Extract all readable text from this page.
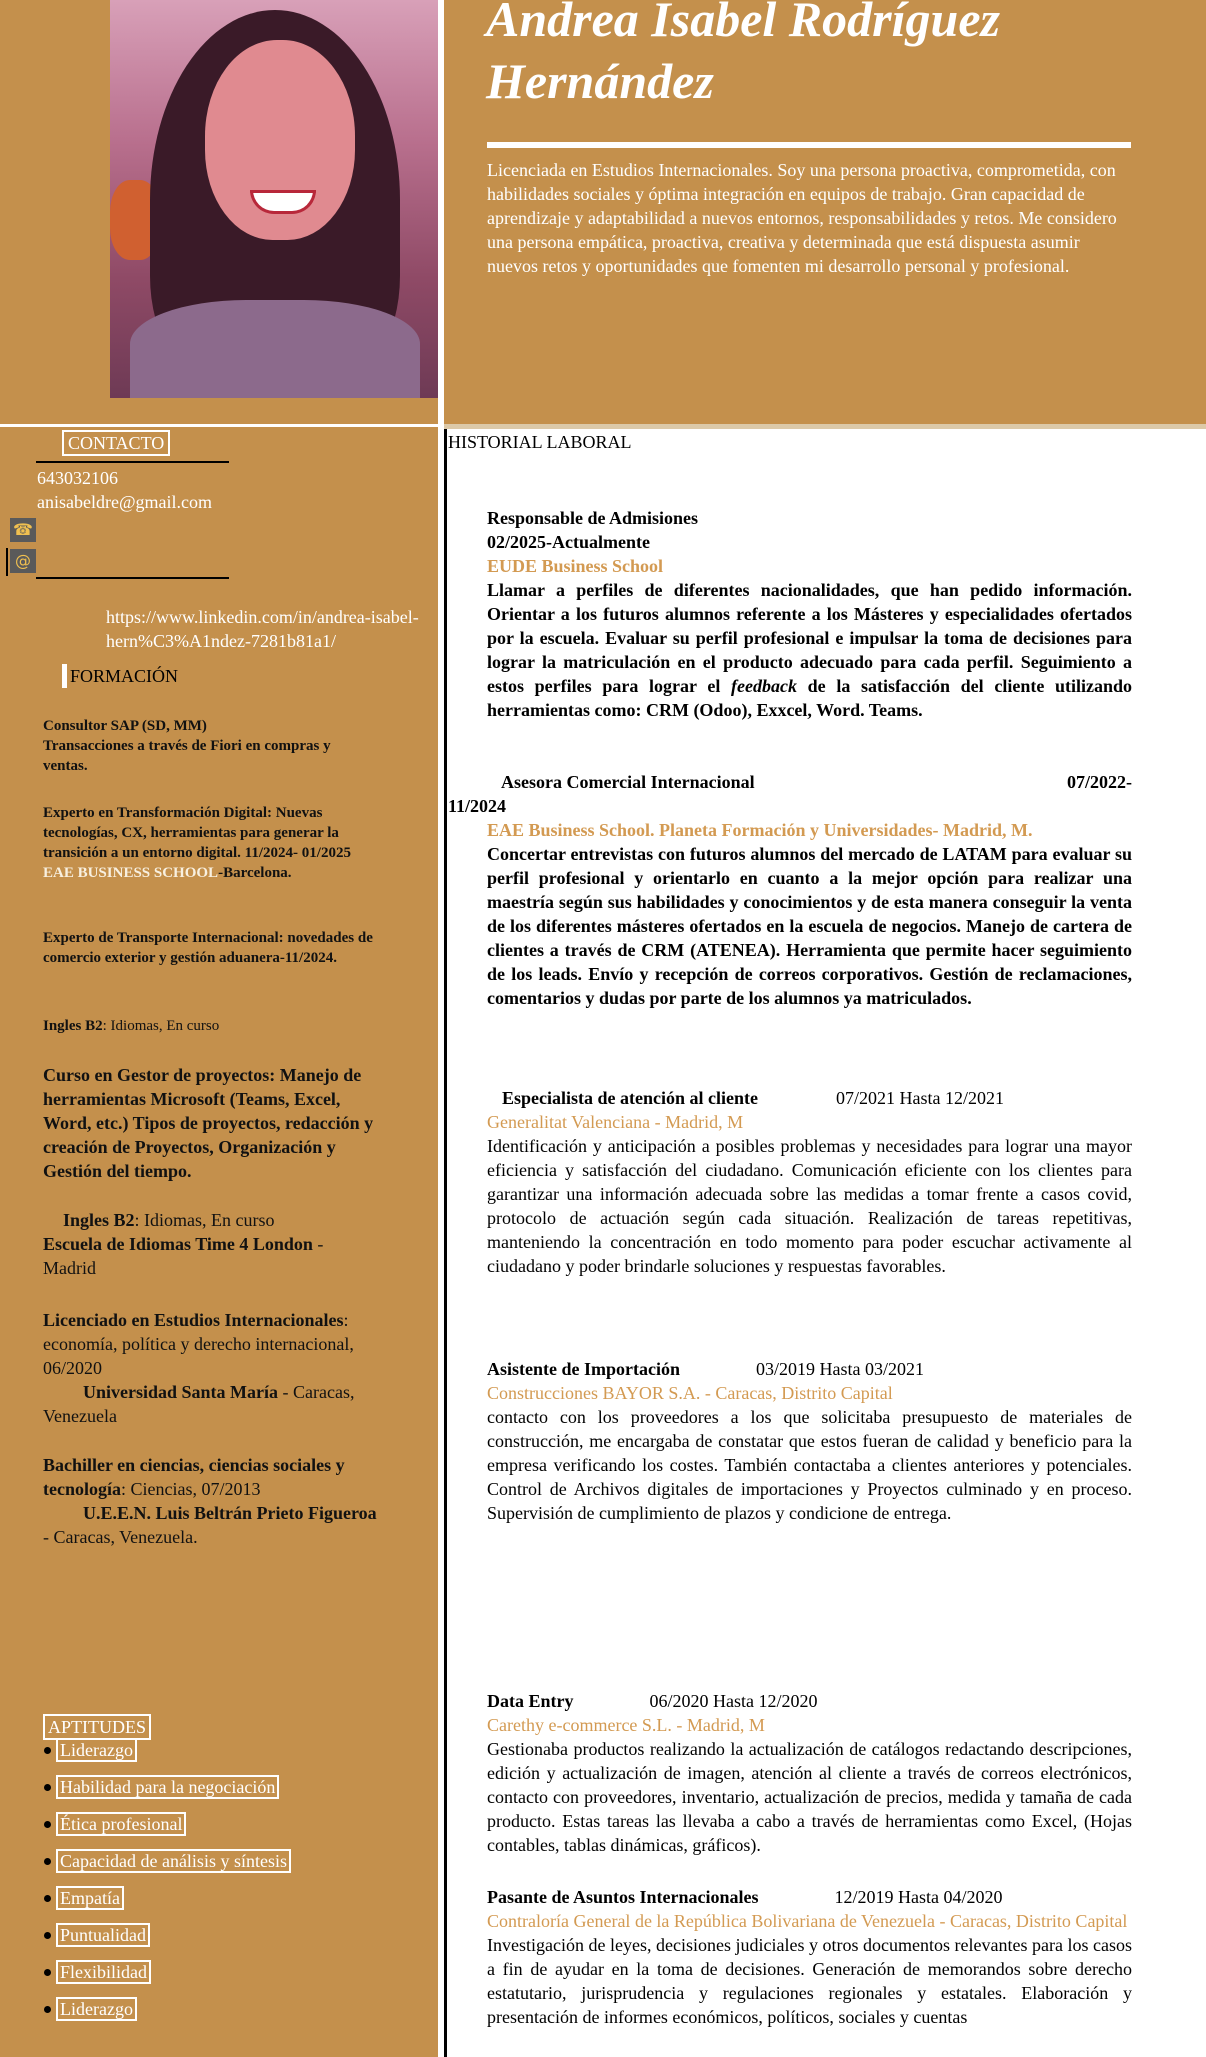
Andrea Isabel Rodríguez Hernández

Licenciada en Estudios Internacionales. Soy una persona proactiva, comprometida, con habilidades sociales y óptima integración en equipos de trabajo. Gran capacidad de aprendizaje y adaptabilidad a nuevos entornos, responsabilidades y retos. Me considero una persona empática, proactiva, creativa y determinada que está dispuesta asumir nuevos retos y oportunidades que fomenten mi desarrollo personal y profesional.

CONTACTO
643032106
anisabeldre@gmail.com
☎
@

https://www.linkedin.com/in/andrea-isabel-hern%C3%A1ndez-7281b81a1/

FORMACIÓN

Consultor SAP (SD, MM)
Transacciones a través de Fiori en compras y ventas.

Experto en Transformación Digital: Nuevas tecnologías, CX, herramientas para generar la transición a un entorno digital. 11/2024- 01/2025
EAE BUSINESS SCHOOL-Barcelona.

Experto de Transporte Internacional: novedades de comercio exterior y gestión aduanera-11/2024.

Ingles B2: Idiomas, En curso

Curso en Gestor de proyectos: Manejo de herramientas Microsoft (Teams, Excel, Word, etc.) Tipos de proyectos, redacción y creación de Proyectos, Organización y Gestión del tiempo.

Ingles B2: Idiomas, En curso
Escuela de Idiomas Time 4 London - Madrid

Licenciado en Estudios Internacionales: economía, política y derecho internacional, 06/2020
Universidad Santa María - Caracas, Venezuela

Bachiller en ciencias, ciencias sociales y tecnología: Ciencias, 07/2013
U.E.E.N. Luis Beltrán Prieto Figueroa - Caracas, Venezuela.

APTITUDES
Liderazgo
Habilidad para la negociación
Ética profesional
Capacidad de análisis y síntesis
Empatía
Puntualidad
Flexibilidad
Liderazgo
HISTORIAL LABORAL
Responsable de Admisiones
02/2025-Actualmente
EUDE Business School

Llamar a perfiles de diferentes nacionalidades, que han pedido información. Orientar a los futuros alumnos referente a los Másteres y especialidades ofertados por la escuela. Evaluar su perfil profesional e impulsar la toma de decisiones para lograr la matriculación en el producto adecuado para cada perfil. Seguimiento a estos perfiles para lograr el feedback de la satisfacción del cliente utilizando herramientas como: CRM (Odoo), Exxcel, Word. Teams.

Asesora Comercial Internacional	07/2022-
11/2024
EAE Business School. Planeta Formación y Universidades- Madrid, M.

Concertar entrevistas con futuros alumnos del mercado de LATAM para evaluar su perfil profesional y orientarlo en cuanto a la mejor opción para realizar una maestría según sus habilidades y conocimientos y de esta manera conseguir la venta de los diferentes másteres ofertados en la escuela de negocios. Manejo de cartera de clientes a través de CRM (ATENEA). Herramienta que permite hacer seguimiento de los leads. Envío y recepción de correos corporativos. Gestión de reclamaciones, comentarios y dudas por parte de los alumnos ya matriculados.

Especialista de atención al cliente	07/2021 Hasta 12/2021
Generalitat Valenciana - Madrid, M

Identificación y anticipación a posibles problemas y necesidades para lograr una mayor eficiencia y satisfacción del ciudadano. Comunicación eficiente con los clientes para garantizar una información adecuada sobre las medidas a tomar frente a casos covid, protocolo de actuación según cada situación. Realización de tareas repetitivas, manteniendo la concentración en todo momento para poder escuchar activamente al ciudadano y poder brindarle soluciones y respuestas favorables.

Asistente de Importación	03/2019 Hasta 03/2021
Construcciones BAYOR S.A. - Caracas, Distrito Capital

contacto con los proveedores a los que solicitaba presupuesto de materiales de construcción, me encargaba de constatar que estos fueran de calidad y beneficio para la empresa verificando los costes. También contactaba a clientes anteriores y potenciales. Control de Archivos digitales de importaciones y Proyectos culminado y en proceso. Supervisión de cumplimiento de plazos y condicione de entrega.

Data Entry	06/2020 Hasta 12/2020
Carethy e-commerce S.L. - Madrid, M

Gestionaba productos realizando la actualización de catálogos redactando descripciones, edición y actualización de imagen, atención al cliente a través de correos electrónicos, contacto con proveedores, inventario, actualización de precios, medida y tamaña de cada producto. Estas tareas las llevaba a cabo a través de herramientas como Excel, (Hojas contables, tablas dinámicas, gráficos).

Pasante de Asuntos Internacionales	12/2019 Hasta 04/2020
Contraloría General de la República Bolivariana de Venezuela - Caracas, Distrito Capital

Investigación de leyes, decisiones judiciales y otros documentos relevantes para los casos a fin de ayudar en la toma de decisiones. Generación de memorandos sobre derecho estatutario, jurisprudencia y regulaciones regionales y estatales. Elaboración y presentación de informes económicos, políticos, sociales y cuentas
